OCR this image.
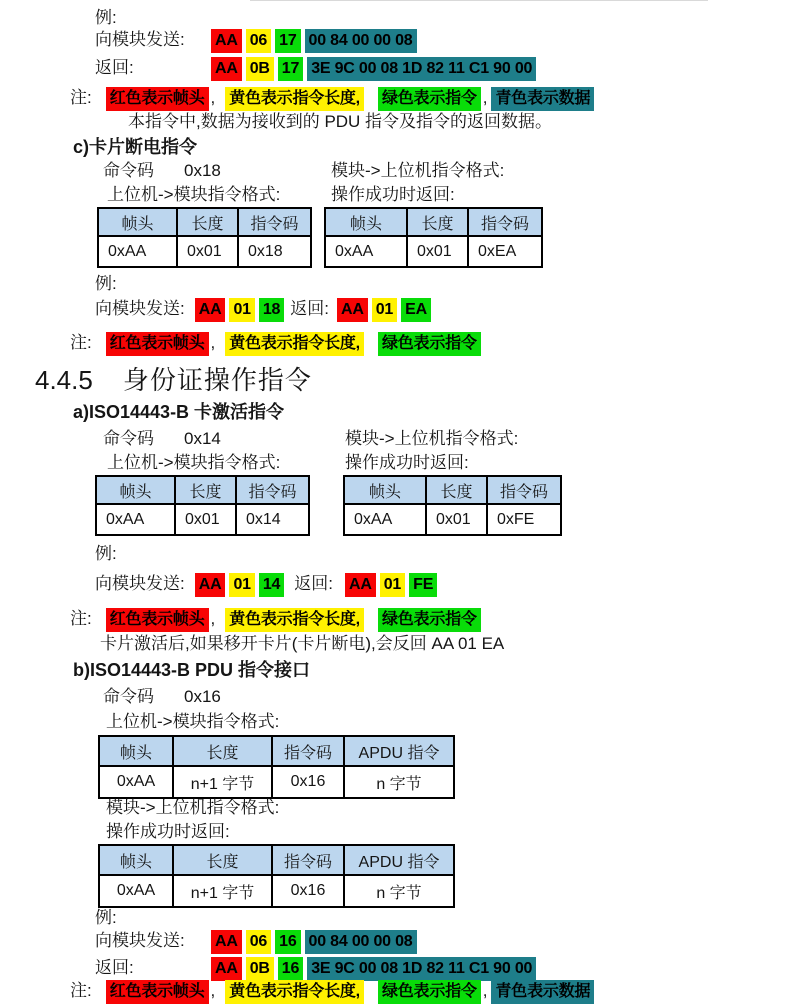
例:
向模块发送: AA 06 17 00 84 00 00 08
返回:	AA 0B 17 3E 9C 00 08 1D 82 11 C1 90 00
注: 红色表示帧头 , 黄色表示指令长度, 绿色表示指令 , 青色表示数据
本指令中,数据为接收到的 PDU 指令及指令的返回数据。
c)卡片断电指令
命令码 0x18	模块->上位机指令格式:
上位机->模块指令格式:	操作成功时返回:
帧头	长度	指令码
0xAA	0x01	0x18
帧头	长度	指令码
0xAA	0x01	0xEA
例:
向模块发送: AA 01 18 返回: AA 01 EA
注: 红色表示帧头 , 黄色表示指令长度, 绿色表示指令
4.4.5 身份证操作指令
a)ISO14443-B 卡激活指令
命令码 0x14	模块->上位机指令格式:
上位机->模块指令格式:	操作成功时返回:
帧头	长度	指令码
0xAA	0x01	0x14
帧头	长度	指令码
0xAA	0x01	0xFE
例:
向模块发送: AA 01 14 返回: AA 01 FE
注: 红色表示帧头 , 黄色表示指令长度, 绿色表示指令
卡片激活后,如果移开卡片(卡片断电),会反回 AA 01 EA
b)ISO14443-B PDU 指令接口
命令码 0x16
上位机->模块指令格式:
帧头	长度	指令码	APDU 指令
0xAA	n+1 字节	0x16	n 字节
模块->上位机指令格式:
操作成功时返回:
帧头	长度	指令码	APDU 指令
0xAA	n+1 字节	0x16	n 字节
例:
向模块发送: AA 06 16 00 84 00 00 08
返回:	AA 0B 16 3E 9C 00 08 1D 82 11 C1 90 00
注: 红色表示帧头 , 黄色表示指令长度, 绿色表示指令 , 青色表示数据
